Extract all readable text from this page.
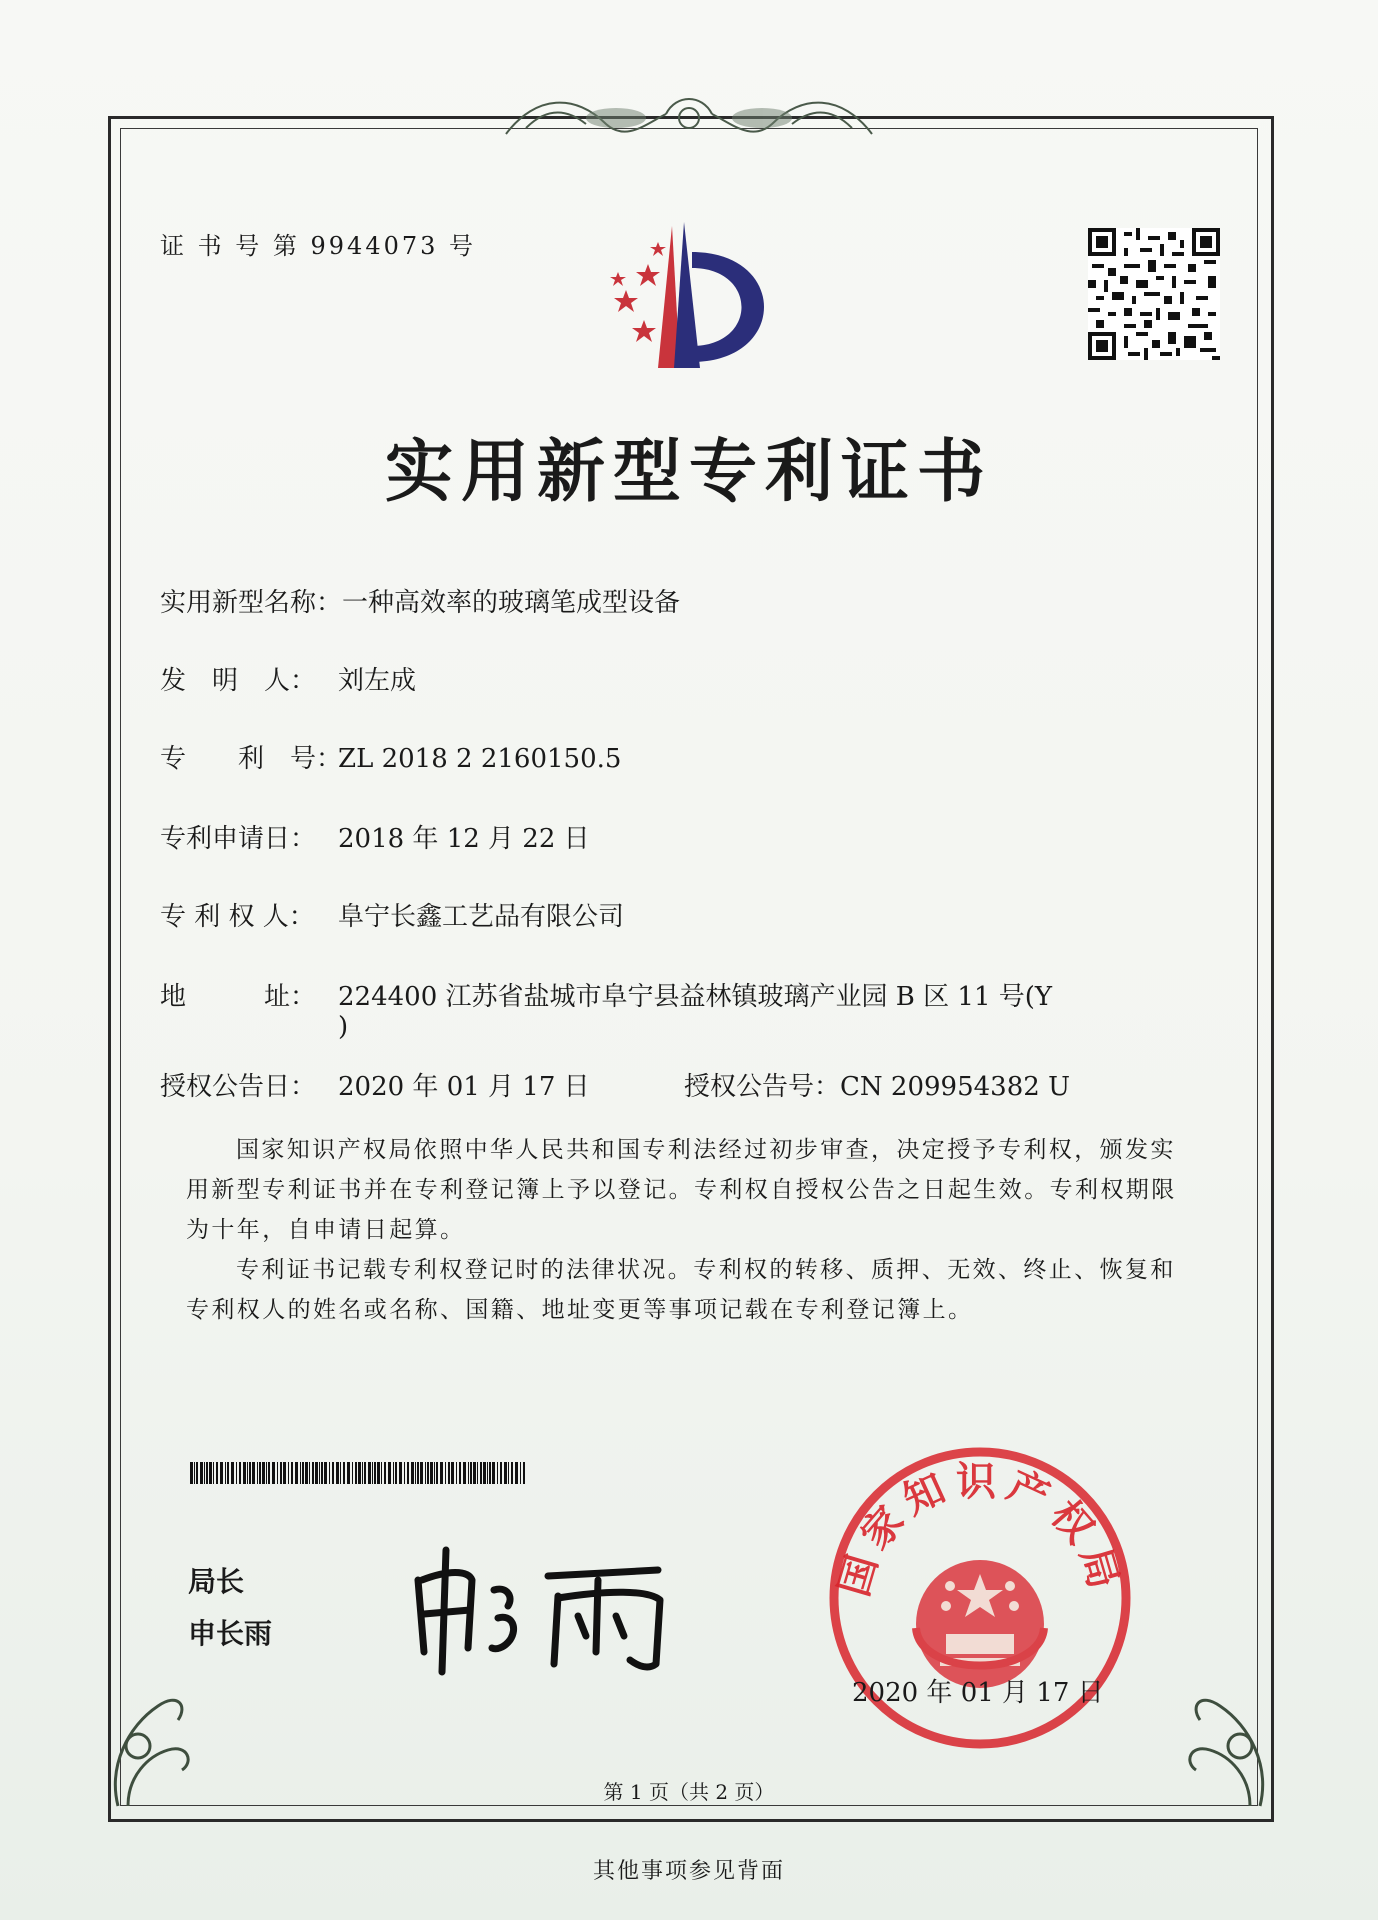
证 书 号 第 9944073 号
实用新型专利证书
实用新型名称：一种高效率的玻璃笔成型设备
发　明　人： 刘左成
专　　利　号：ZL 2018 2 2160150.5
专利申请日： 2018 年 12 月 22 日
专 利 权 人： 阜宁长鑫工艺品有限公司
地　　　址： 224400 江苏省盐城市阜宁县益林镇玻璃产业园 B 区 11 号(Y
)
授权公告日： 2020 年 01 月 17 日	授权公告号：CN 209954382 U
国家知识产权局依照中华人民共和国专利法经过初步审查，决定授予专利权，颁发实用新型专利证书并在专利登记簿上予以登记。专利权自授权公告之日起生效。专利权期限为十年，自申请日起算。
专利证书记载专利权登记时的法律状况。专利权的转移、质押、无效、终止、恢复和专利权人的姓名或名称、国籍、地址变更等事项记载在专利登记簿上。
局长
申长雨
国家知识产权局
2020 年 01 月 17 日
第 1 页（共 2 页）
其他事项参见背面
